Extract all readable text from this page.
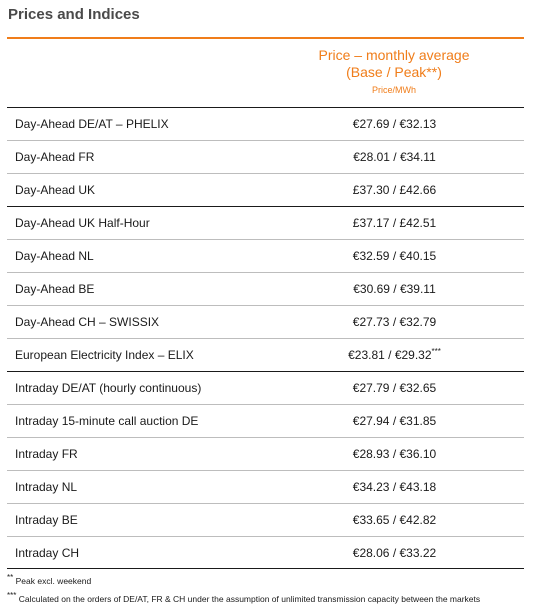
Prices and Indices
Price – monthly average
(Base / Peak**)
Price/MWh
Day-Ahead DE/AT – PHELIX	€27.69 / €32.13
Day-Ahead FR	€28.01 / €34.11
Day-Ahead UK	£37.30 / £42.66
Day-Ahead UK Half-Hour	£37.17 / £42.51
Day-Ahead NL	€32.59 / €40.15
Day-Ahead BE	€30.69 / €39.11
Day-Ahead CH – SWISSIX	€27.73 / €32.79
European Electricity Index – ELIX	€23.81 / €29.32***
Intraday DE/AT (hourly continuous)	€27.79 / €32.65
Intraday 15-minute call auction DE	€27.94 / €31.85
Intraday FR	€28.93 / €36.10
Intraday NL	€34.23 / €43.18
Intraday BE	€33.65 / €42.82
Intraday CH	€28.06 / €33.22
** Peak excl. weekend
*** Calculated on the orders of DE/AT, FR & CH under the assumption of unlimited transmission capacity between the markets
